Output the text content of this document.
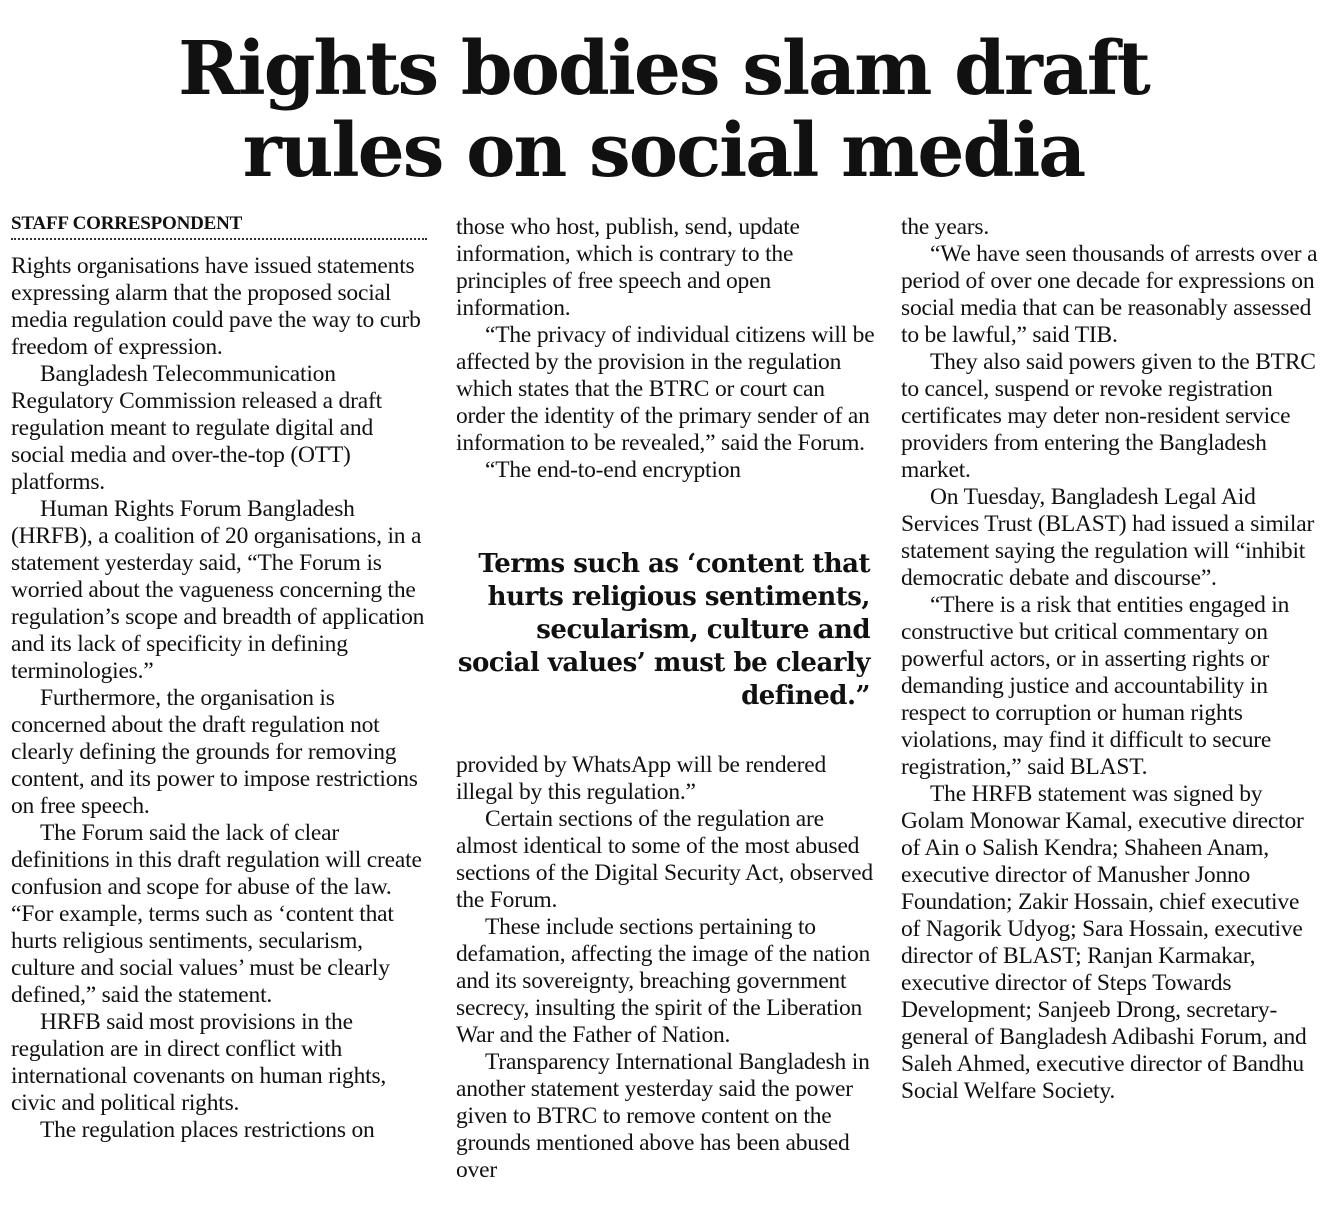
Rights bodies slam draft
rules on social media
STAFF CORRESPONDENT

Rights organisations have issued statements expressing alarm that the proposed social media regulation could pave the way to curb freedom of expression.

Bangladesh Telecommunication Regulatory Commission released a draft regulation meant to regulate digital and social media and over-the-top (OTT) platforms.

Human Rights Forum Bangladesh (HRFB), a coalition of 20 organisations, in a statement yesterday said, “The Forum is worried about the vagueness concerning the regulation’s scope and breadth of application and its lack of specificity in defining terminologies.”

Furthermore, the organisation is concerned about the draft regulation not clearly defining the grounds for removing content, and its power to impose restrictions on free speech.

The Forum said the lack of clear definitions in this draft regulation will create confusion and scope for abuse of the law. “For example, terms such as ‘content that hurts religious sentiments, secularism, culture and social values’ must be clearly defined,” said the statement.

HRFB said most provisions in the regulation are in direct conflict with international covenants on human rights, civic and political rights.

The regulation places restrictions on

those who host, publish, send, update information, which is contrary to the principles of free speech and open information.

“The privacy of individual citizens will be affected by the provision in the regulation which states that the BTRC or court can order the identity of the primary sender of an information to be revealed,” said the Forum.

“The end-to-end encryption

Terms such as ‘content that hurts religious sentiments, secularism, culture and social values’ must be clearly defined.”

provided by WhatsApp will be rendered illegal by this regulation.”

Certain sections of the regulation are almost identical to some of the most abused sections of the Digital Security Act, observed the Forum.

These include sections pertaining to defamation, affecting the image of the nation and its sovereignty, breaching government secrecy, insulting the spirit of the Liberation War and the Father of Nation.

Transparency International Bangladesh in another statement yesterday said the power given to BTRC to remove content on the grounds mentioned above has been abused over

the years.

“We have seen thousands of arrests over a period of over one decade for expressions on social media that can be reasonably assessed to be lawful,” said TIB.

They also said powers given to the BTRC to cancel, suspend or revoke registration certificates may deter non-resident service providers from entering the Bangladesh market.

On Tuesday, Bangladesh Legal Aid Services Trust (BLAST) had issued a similar statement saying the regulation will “inhibit democratic debate and discourse”.

“There is a risk that entities engaged in constructive but critical commentary on powerful actors, or in asserting rights or demanding justice and accountability in respect to corruption or human rights violations, may find it difficult to secure registration,” said BLAST.

The HRFB statement was signed by Golam Monowar Kamal, executive director of Ain o Salish Kendra; Shaheen Anam, executive director of Manusher Jonno Foundation; Zakir Hossain, chief executive of Nagorik Udyog; Sara Hossain, executive director of BLAST; Ranjan Karmakar, executive director of Steps Towards Development; Sanjeeb Drong, secretary-general of Bangladesh Adibashi Forum, and Saleh Ahmed, executive director of Bandhu Social Welfare Society.
